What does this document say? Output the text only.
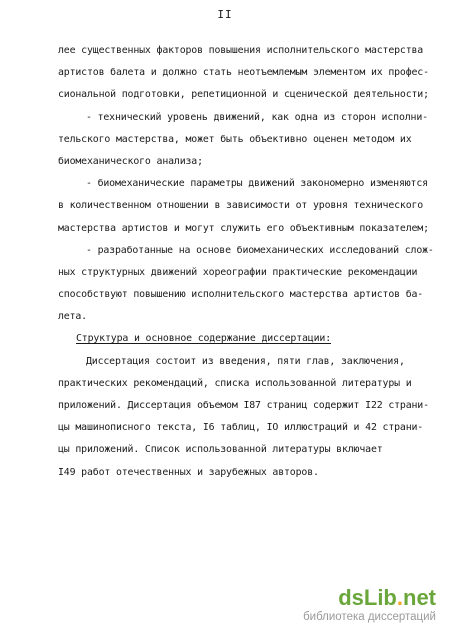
II
лее существенных факторов повышения исполнительского мастерства
артистов балета и должно стать неотъемлемым элементом их профес-
сиональной подготовки, репетиционной и сценической деятельности;
- технический уровень движений, как одна из сторон исполни-
тельского мастерства, может быть объективно оценен методом их
биомеханического анализа;
- биомеханические параметры движений закономерно изменяются
в количественном отношении в зависимости от уровня технического
мастерства артистов и могут служить его объективным показателем;
- разработанные на основе биомеханических исследований слож-
ных структурных движений хореографии практические рекомендации
способствуют повышению исполнительского мастерства артистов ба-
лета.
Структура и основное содержание диссертации:
Диссертация состоит из введения, пяти глав, заключения,
практических рекомендаций, списка использованной литературы и
приложений. Диссертация объемом I87 страниц содержит I22 страни-
цы машинописного текста, I6 таблиц, IO иллюстраций и 42 страни-
цы приложений. Список использованной литературы включает
I49 работ отечественных и зарубежных авторов.
dsLib.net
библиотека диссертаций
